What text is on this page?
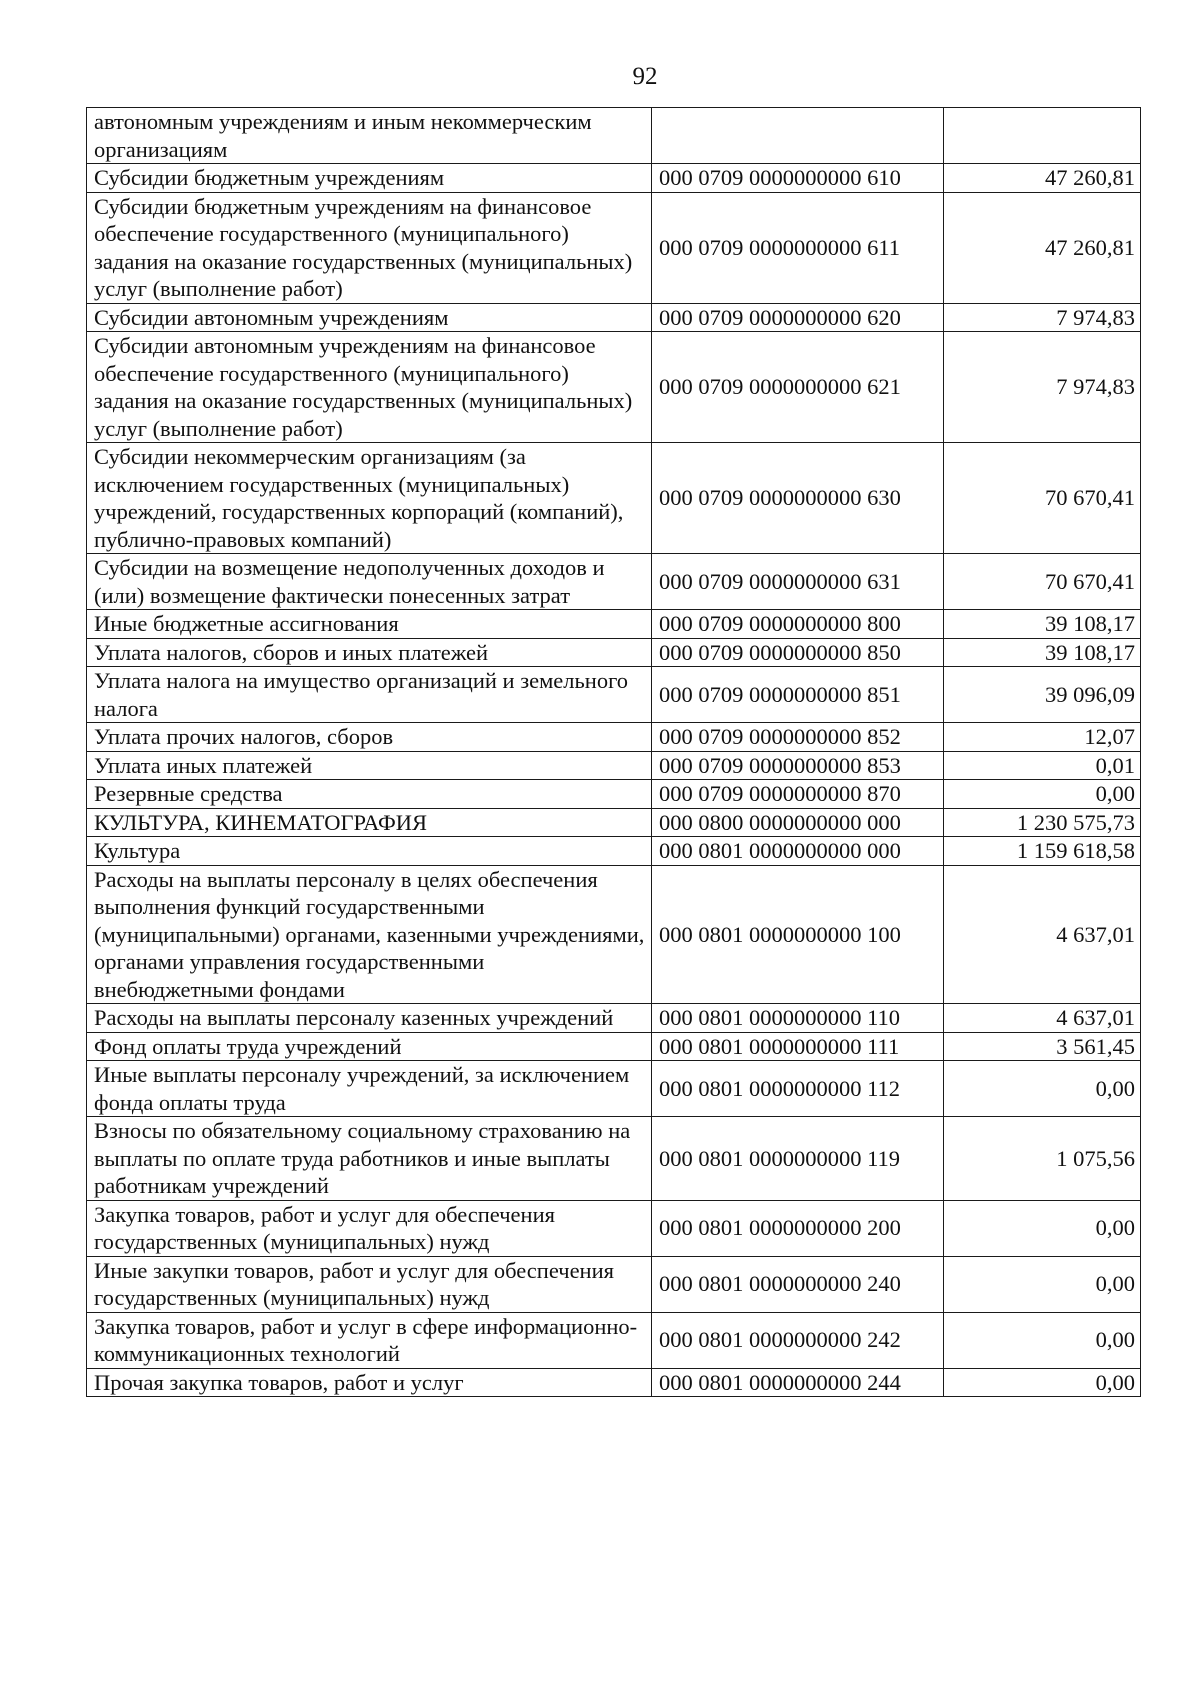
92
автономным учреждениям и иным некоммерческим организациям		
Субсидии бюджетным учреждениям	000 0709 0000000000 610	47 260,81
Субсидии бюджетным учреждениям на финансовое обеспечение государственного (муниципального) задания на оказание государственных (муниципальных) услуг (выполнение работ)	000 0709 0000000000 611	47 260,81
Субсидии автономным учреждениям	000 0709 0000000000 620	7 974,83
Субсидии автономным учреждениям на финансовое обеспечение государственного (муниципального) задания на оказание государственных (муниципальных) услуг (выполнение работ)	000 0709 0000000000 621	7 974,83
Субсидии некоммерческим организациям (за исключением государственных (муниципальных) учреждений, государственных корпораций (компаний), публично-правовых компаний)	000 0709 0000000000 630	70 670,41
Субсидии на возмещение недополученных доходов и (или) возмещение фактически понесенных затрат	000 0709 0000000000 631	70 670,41
Иные бюджетные ассигнования	000 0709 0000000000 800	39 108,17
Уплата налогов, сборов и иных платежей	000 0709 0000000000 850	39 108,17
Уплата налога на имущество организаций и земельного налога	000 0709 0000000000 851	39 096,09
Уплата прочих налогов, сборов	000 0709 0000000000 852	12,07
Уплата иных платежей	000 0709 0000000000 853	0,01
Резервные средства	000 0709 0000000000 870	0,00
КУЛЬТУРА, КИНЕМАТОГРАФИЯ	000 0800 0000000000 000	1 230 575,73
Культура	000 0801 0000000000 000	1 159 618,58
Расходы на выплаты персоналу в целях обеспечения выполнения функций государственными (муниципальными) органами, казенными учреждениями, органами управления государственными внебюджетными фондами	000 0801 0000000000 100	4 637,01
Расходы на выплаты персоналу казенных учреждений	000 0801 0000000000 110	4 637,01
Фонд оплаты труда учреждений	000 0801 0000000000 111	3 561,45
Иные выплаты персоналу учреждений, за исключением фонда оплаты труда	000 0801 0000000000 112	0,00
Взносы по обязательному социальному страхованию на выплаты по оплате труда работников и иные выплаты работникам учреждений	000 0801 0000000000 119	1 075,56
Закупка товаров, работ и услуг для обеспечения государственных (муниципальных) нужд	000 0801 0000000000 200	0,00
Иные закупки товаров, работ и услуг для обеспечения государственных (муниципальных) нужд	000 0801 0000000000 240	0,00
Закупка товаров, работ и услуг в сфере информационно-коммуникационных технологий	000 0801 0000000000 242	0,00
Прочая закупка товаров, работ и услуг	000 0801 0000000000 244	0,00
